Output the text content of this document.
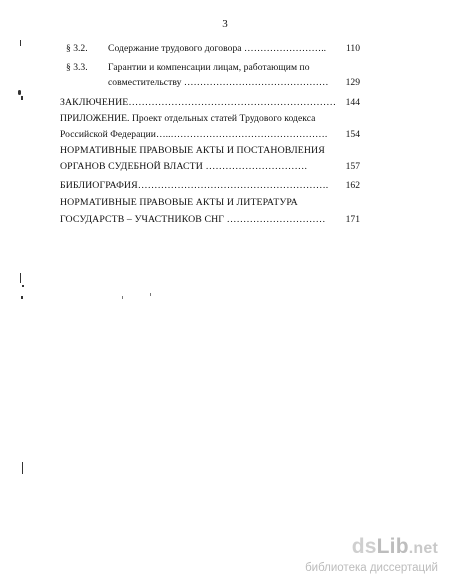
3
§ 3.2. Содержание трудового договора ……………………..	110
§ 3.3. Гарантии и компенсации лицам, работающим по
совместительству ………………………………………	129
ЗАКЛЮЧЕНИЕ……………………………………………………… 144
ПРИЛОЖЕНИЕ. Проект отдельных статей Трудового кодекса
Российской Федерации…..………………………………………….	154
НОРМАТИВНЫЕ ПРАВОВЫЕ АКТЫ И ПОСТАНОВЛЕНИЯ
ОРГАНОВ СУДЕБНОЙ ВЛАСТИ ………………………….	157
БИБЛИОГРАФИЯ………………………………………………….	162
НОРМАТИВНЫЕ ПРАВОВЫЕ АКТЫ И ЛИТЕРАТУРА
ГОСУДАРСТВ – УЧАСТНИКОВ СНГ …………………………	171
dsLib.net
библиотека диссертаций
